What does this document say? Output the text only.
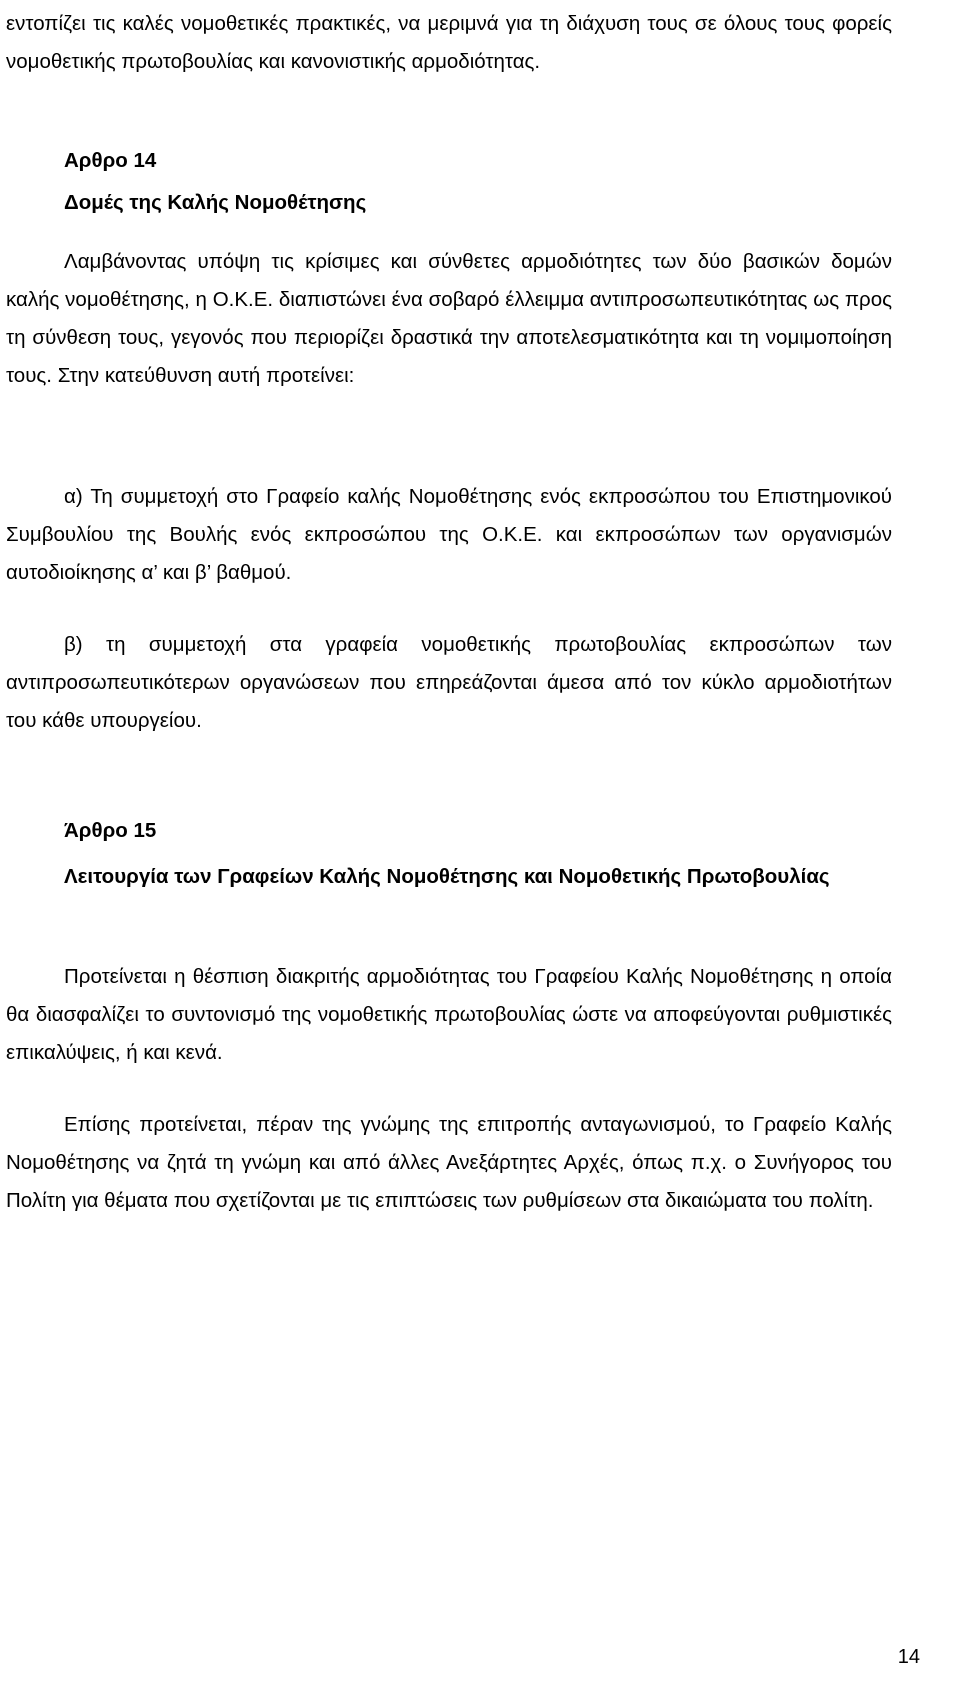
εντοπίζει τις καλές νομοθετικές πρακτικές, να μεριμνά για τη διάχυση τους σε όλους τους φορείς νομοθετικής πρωτοβουλίας και κανονιστικής αρμοδιότητας.

Αρθρο 14

Δομές της Καλής Νομοθέτησης

Λαμβάνοντας υπόψη τις κρίσιμες και σύνθετες αρμοδιότητες των δύο βασικών δομών καλής νομοθέτησης, η Ο.Κ.Ε. διαπιστώνει ένα σοβαρό έλλειμμα αντιπροσωπευτικότητας ως προς τη σύνθεση τους, γεγονός που περιορίζει δραστικά την αποτελεσματικότητα και τη νομιμοποίηση τους. Στην κατεύθυνση αυτή προτείνει:

α) Τη συμμετοχή στο Γραφείο καλής Νομοθέτησης ενός εκπροσώπου του Επιστημονικού Συμβουλίου της Βουλής ενός εκπροσώπου της Ο.Κ.Ε. και εκπροσώπων των οργανισμών αυτοδιοίκησης α’ και β’ βαθμού.

β) τη συμμετοχή στα γραφεία νομοθετικής πρωτοβουλίας εκπροσώπων των αντιπροσωπευτικότερων οργανώσεων που επηρεάζονται άμεσα από τον κύκλο αρμοδιοτήτων του κάθε υπουργείου.

Άρθρο 15

Λειτουργία των Γραφείων Καλής Νομοθέτησης και Νομοθετικής Πρωτοβουλίας

Προτείνεται η θέσπιση διακριτής αρμοδιότητας του Γραφείου Καλής Νομοθέτησης η οποία θα διασφαλίζει το συντονισμό της νομοθετικής πρωτοβουλίας ώστε να αποφεύγονται ρυθμιστικές επικαλύψεις, ή και κενά.

Επίσης προτείνεται, πέραν της γνώμης της επιτροπής ανταγωνισμού, το Γραφείο Καλής Νομοθέτησης να ζητά τη γνώμη και από άλλες Ανεξάρτητες Αρχές, όπως π.χ. ο Συνήγορος του Πολίτη για θέματα που σχετίζονται με τις επιπτώσεις των ρυθμίσεων στα δικαιώματα του πολίτη.

14
